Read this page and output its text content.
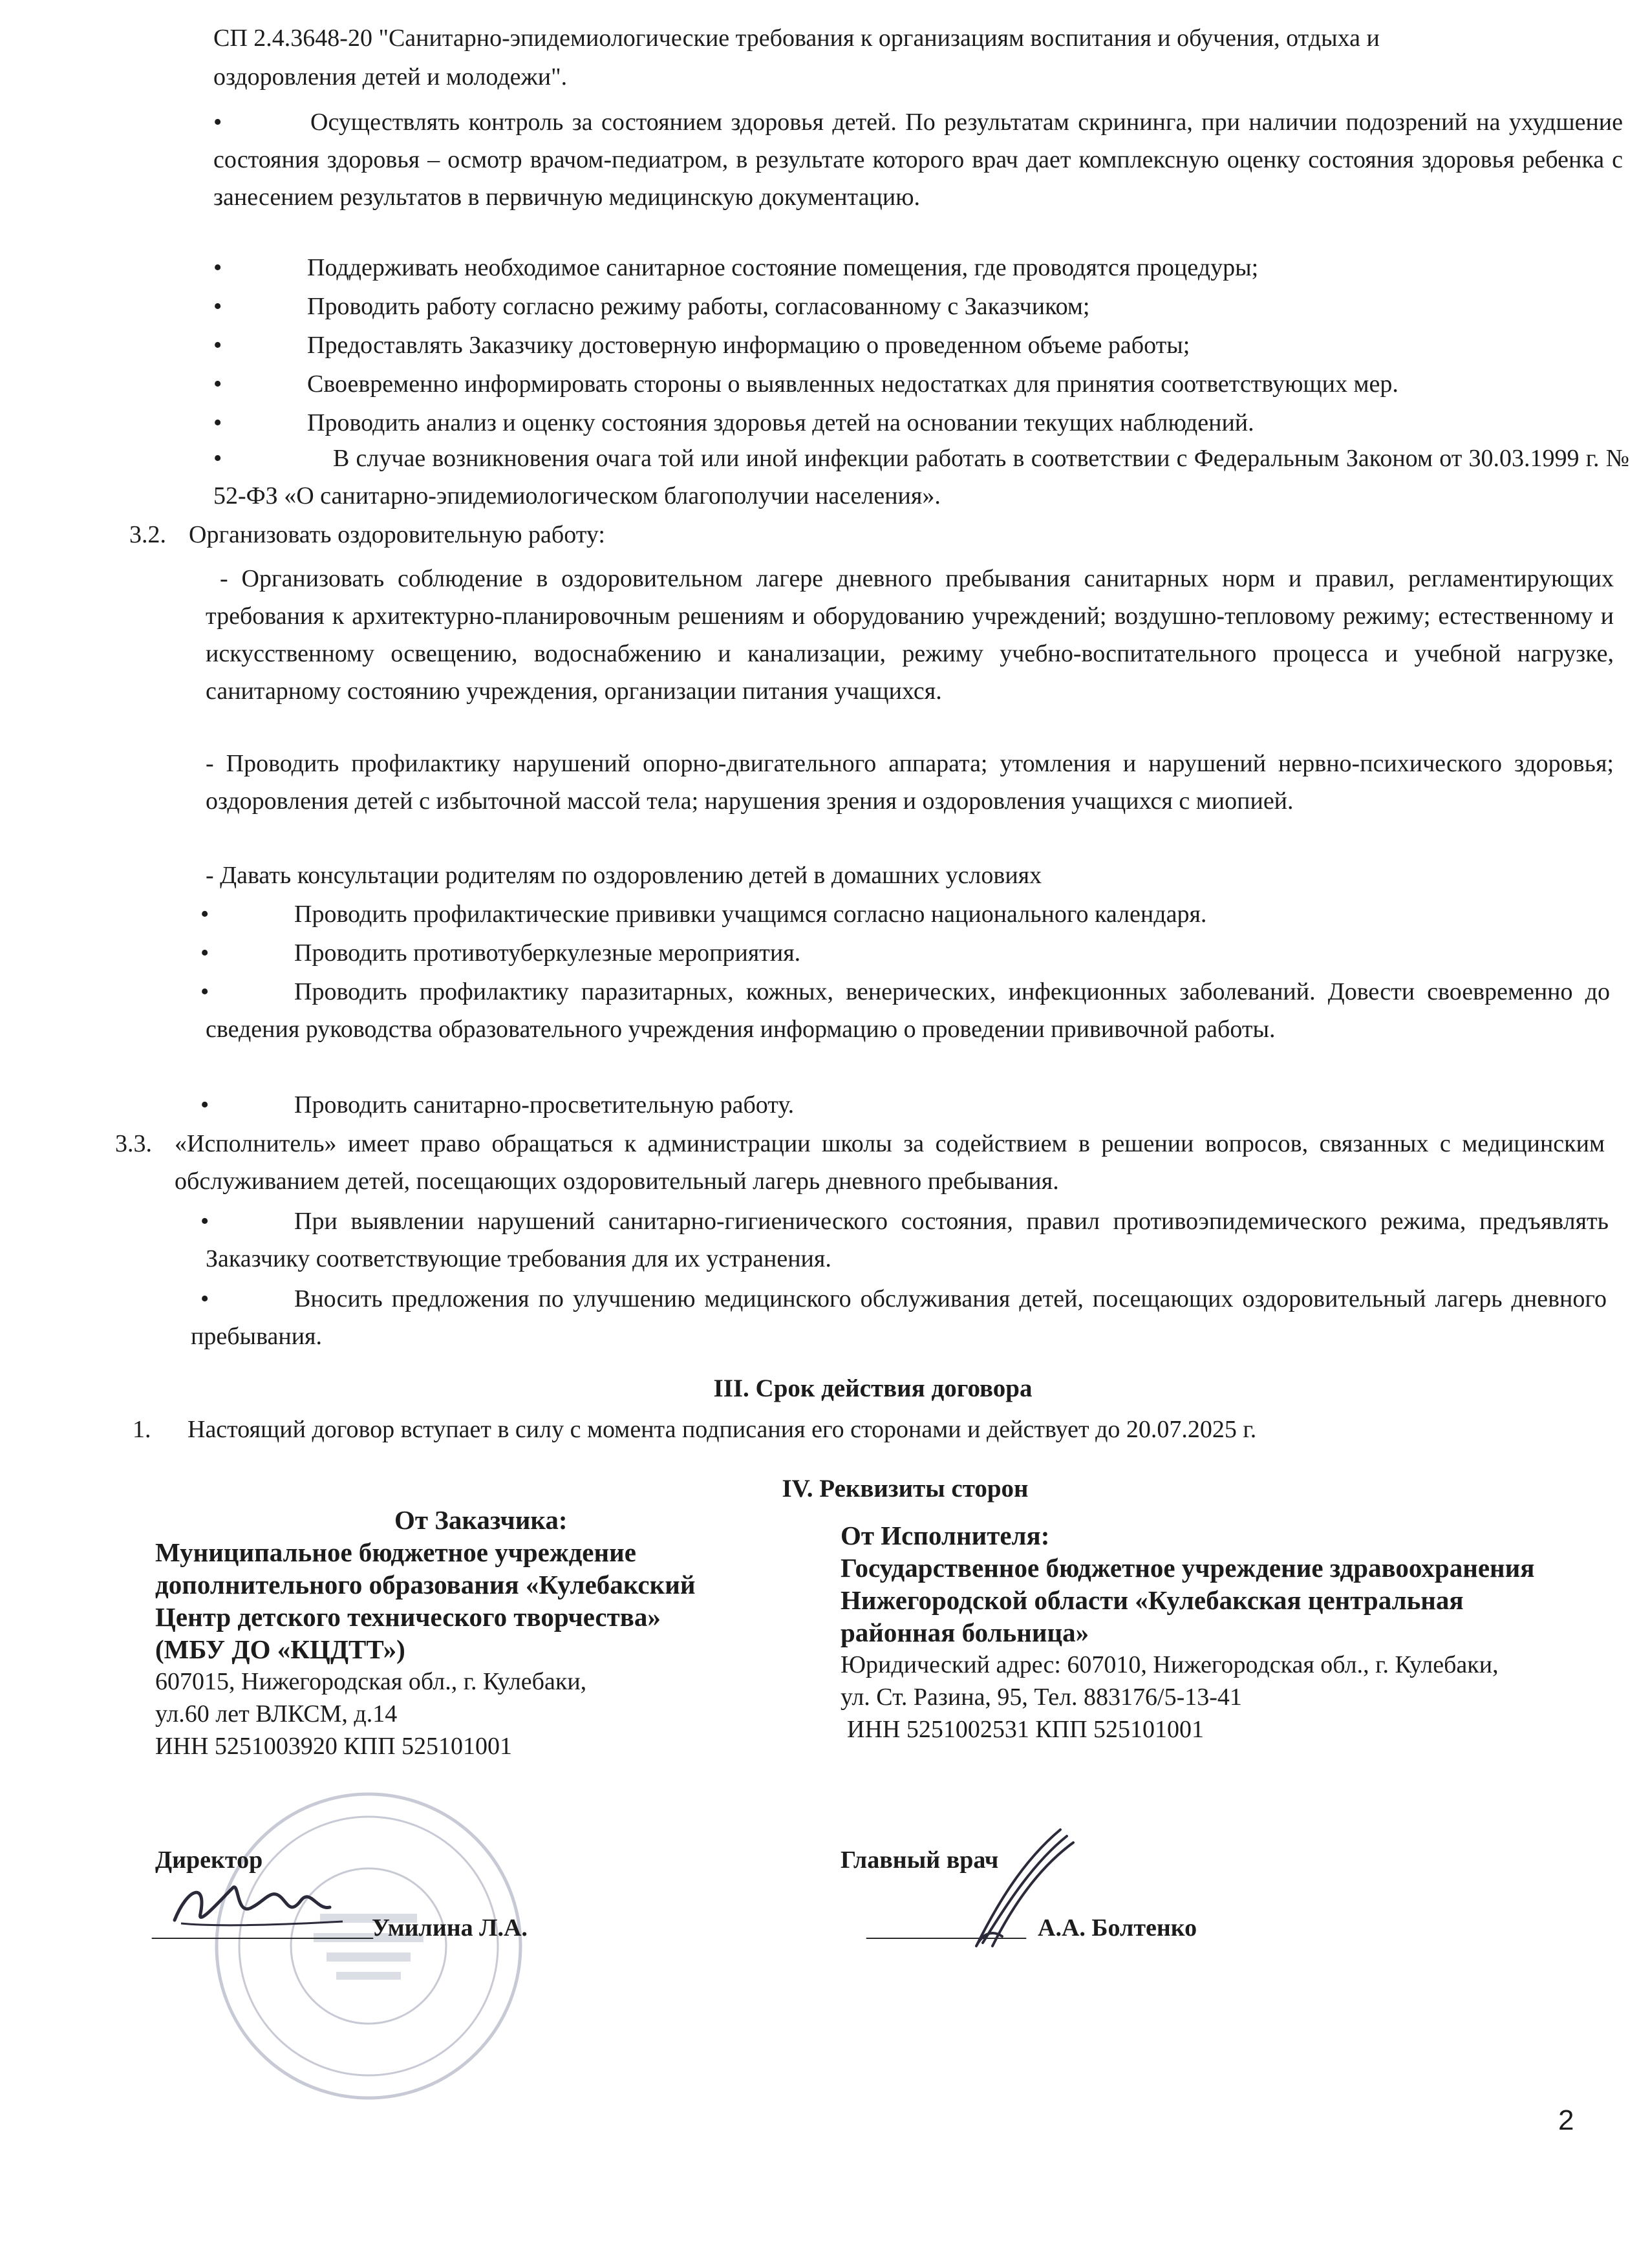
СП 2.4.3648-20 "Санитарно-эпидемиологические требования к организациям воспитания и обучения, отдыха и
оздоровления детей и молодежи".
•	Осуществлять контроль за состоянием здоровья детей. По результатам скрининга, при наличии подозрений на ухудшение состояния здоровья – осмотр врачом-педиатром, в результате которого врач дает комплексную оценку состояния здоровья ребенка с занесением результатов в первичную медицинскую документацию.
•	Поддерживать необходимое санитарное состояние помещения, где проводятся процедуры;
•	Проводить работу согласно режиму работы, согласованному с Заказчиком;
•	Предоставлять Заказчику достоверную информацию о проведенном объеме работы;
•	Своевременно информировать стороны о выявленных недостатках для принятия соответствующих мер.
•	Проводить анализ и оценку состояния здоровья детей на основании текущих наблюдений.
•	В случае возникновения очага той или иной инфекции работать в соответствии с Федеральным Законом от 30.03.1999 г. № 52-ФЗ «О санитарно-эпидемиологическом благополучии населения».
3.2. Организовать оздоровительную работу:
- Организовать соблюдение в оздоровительном лагере дневного пребывания санитарных норм и правил, регламентирующих требования к архитектурно-планировочным решениям и оборудованию учреждений; воздушно-тепловому режиму; естественному и искусственному освещению, водоснабжению и канализации, режиму учебно-воспитательного процесса и учебной нагрузке, санитарному состоянию учреждения, организации питания учащихся.
- Проводить профилактику нарушений опорно-двигательного аппарата; утомления и нарушений нервно-психического здоровья; оздоровления детей с избыточной массой тела; нарушения зрения и оздоровления учащихся с миопией.
- Давать консультации родителям по оздоровлению детей в домашних условиях
•	Проводить профилактические прививки учащимся согласно национального календаря.
•	Проводить противотуберкулезные мероприятия.
•	Проводить профилактику паразитарных, кожных, венерических, инфекционных заболеваний. Довести своевременно до сведения руководства образовательного учреждения информацию о проведении прививочной работы.
•	Проводить санитарно-просветительную работу.
3.3. «Исполнитель» имеет право обращаться к администрации школы за содействием в решении вопросов, связанных с медицинским обслуживанием детей, посещающих оздоровительный лагерь дневного пребывания.
•	При выявлении нарушений санитарно-гигиенического состояния, правил противоэпидемического режима, предъявлять Заказчику соответствующие требования для их устранения.
•	Вносить предложения по улучшению медицинского обслуживания детей, посещающих оздоровительный лагерь дневного пребывания.
III. Срок действия договора
1. Настоящий договор вступает в силу с момента подписания его сторонами и действует до 20.07.2025 г.
IV. Реквизиты сторон
От Заказчика:
Муниципальное бюджетное учреждение
дополнительного образования «Кулебакский
Центр детского технического творчества»
(МБУ ДО «КЦДТТ»)
607015, Нижегородская обл., г. Кулебаки,
ул.60 лет ВЛКСМ, д.14
ИНН 5251003920 КПП 525101001
От Исполнителя:
Государственное бюджетное учреждение здравоохранения
Нижегородской области «Кулебакская центральная
районная больница»
Юридический адрес: 607010, Нижегородская обл., г. Кулебаки,
ул. Ст. Разина, 95, Тел. 883176/5-13-41
ИНН 5251002531 КПП 525101001
Директор
__________________
Умилина Л.А.
Главный врач
_____________ А.А. Болтенко
2
